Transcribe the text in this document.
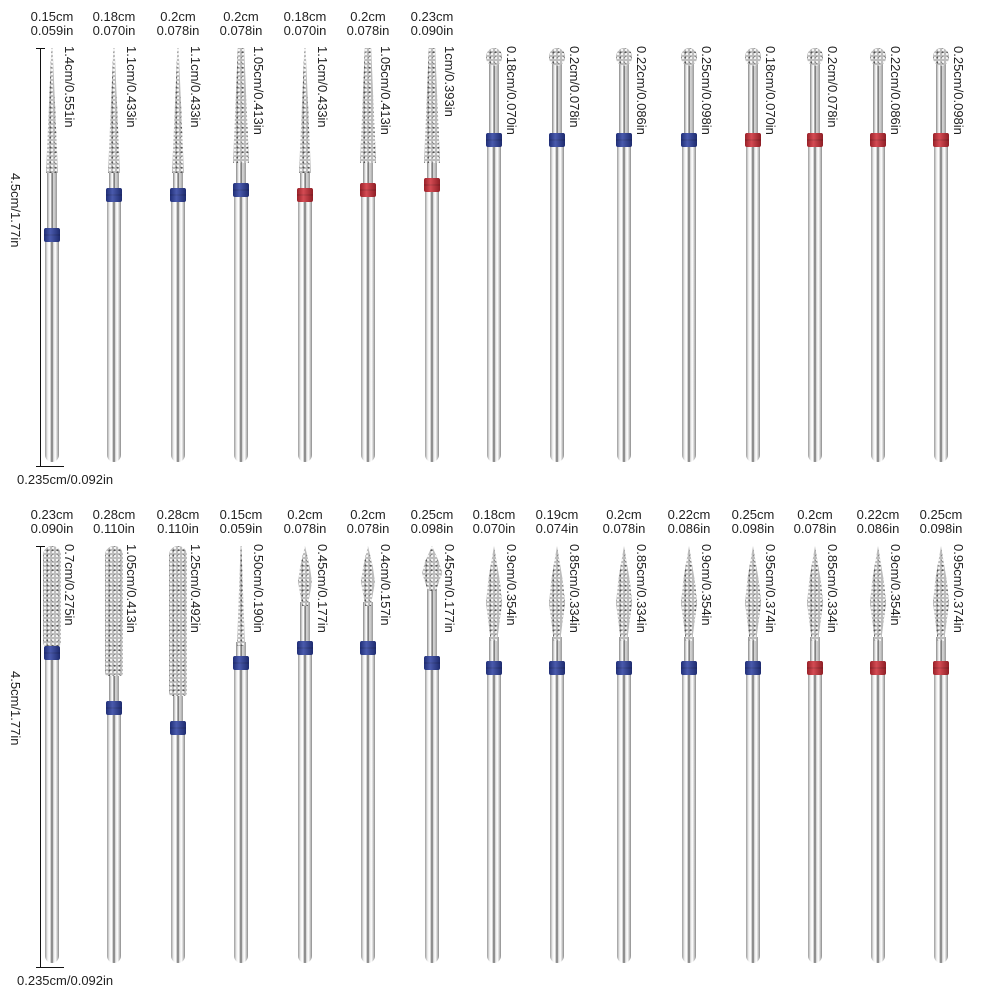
0.15cm
0.059in
1.4cm/0.551in
0.18cm
0.070in
1.1cm/0.433in
0.2cm
0.078in
1.1cm/0.433in
0.2cm
0.078in
1.05cm/0.413in
0.18cm
0.070in
1.1cm/0.433in
0.2cm
0.078in
1.05cm/0.413in
0.23cm
0.090in
1cm/0.393in	0.18cm/0.070in	0.2cm/0.078in	0.22cm/0.086in	0.25cm/0.098in	0.18cm/0.070in	0.2cm/0.078in	0.22cm/0.086in	0.25cm/0.098in
4.5cm/1.77in
0.235cm/0.092in
0.23cm
0.090in
0.7cm/0.275in
0.28cm
0.110in
1.05cm/0.413in
0.28cm
0.110in
1.25cm/0.492in
0.15cm
0.059in
0.50cm/0.190in
0.2cm
0.078in
0.45cm/0.177in
0.2cm
0.078in
0.4cm/0.157in
0.25cm
0.098in
0.45cm/0.177in
0.18cm
0.070in
0.9cm/0.354in
0.19cm
0.074in
0.85cm/0.334in
0.2cm
0.078in
0.85cm/0.334in
0.22cm
0.086in
0.9cm/0.354in
0.25cm
0.098in
0.95cm/0.374in
0.2cm
0.078in
0.85cm/0.334in
0.22cm
0.086in
0.9cm/0.354in
0.25cm
0.098in
0.95cm/0.374in
4.5cm/1.77in
0.235cm/0.092in
